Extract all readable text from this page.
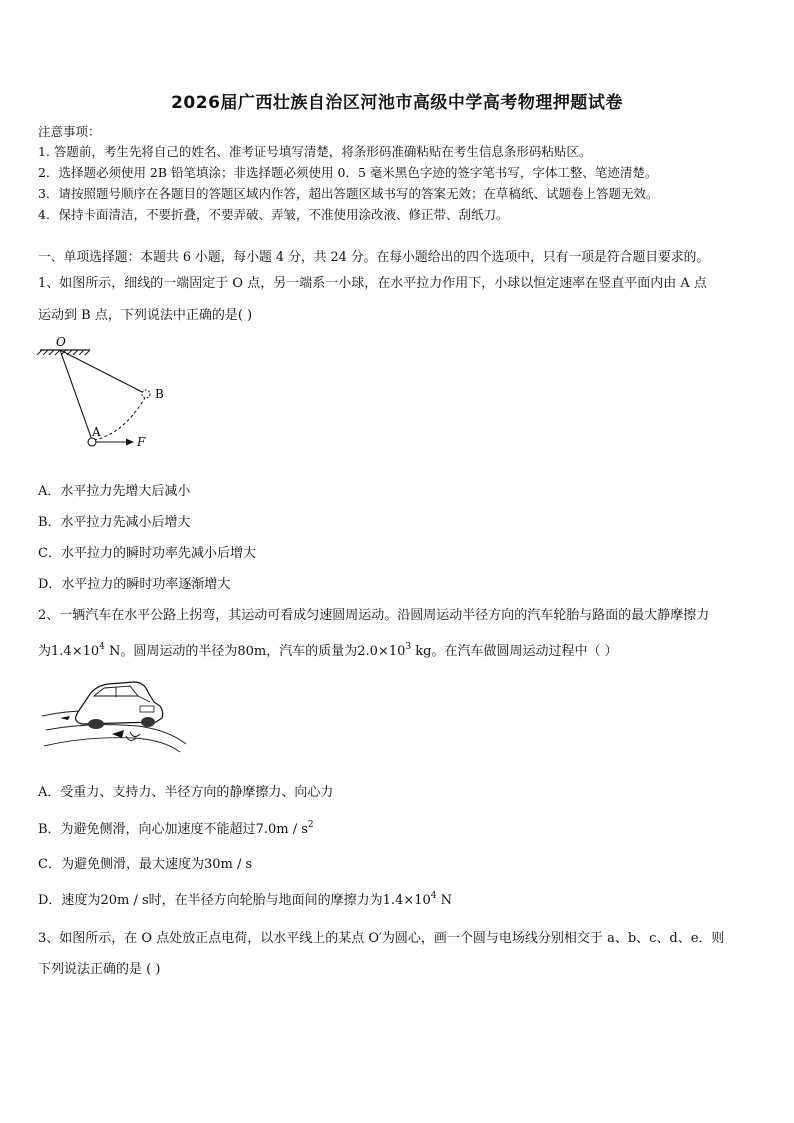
2026届广西壮族自治区河池市高级中学高考物理押题试卷
注意事项：
1. 答题前，考生先将自己的姓名、准考证号填写清楚，将条形码准确粘贴在考生信息条形码粘贴区。
2．选择题必须使用 2B 铅笔填涂；非选择题必须使用 0．5 毫米黑色字迹的签字笔书写，字体工整、笔迹清楚。
3．请按照题号顺序在各题目的答题区域内作答，超出答题区域书写的答案无效；在草稿纸、试题卷上答题无效。
4．保持卡面清洁，不要折叠，不要弄破、弄皱，不准使用涂改液、修正带、刮纸刀。
一、单项选择题：本题共 6 小题，每小题 4 分，共 24 分。在每小题给出的四个选项中，只有一项是符合题目要求的。
1、如图所示，细线的一端固定于 O 点，另一端系一小球，在水平拉力作用下，小球以恒定速率在竖直平面内由 A 点
运动到 B 点，下列说法中正确的是( )
O
B
A
F
A．水平拉力先增大后减小
B．水平拉力先减小后增大
C．水平拉力的瞬时功率先减小后增大
D．水平拉力的瞬时功率逐渐增大
2、一辆汽车在水平公路上拐弯，其运动可看成匀速圆周运动。沿圆周运动半径方向的汽车轮胎与路面的最大静摩擦力
为$1.4\times 10^4$ N。圆周运动的半径为80m，汽车的质量为$2.0\times 10^3$ kg。在汽车做圆周运动过程中（ ）
A．受重力、支持力、半径方向的静摩擦力、向心力
B．为避免侧滑，向心加速度不能超过$7.0m / s^2$
C．为避免侧滑，最大速度为30m / s
D．速度为20m / s时，在半径方向轮胎与地面间的摩擦力为$1.4\times 10^4$ N
3、如图所示，在 O 点处放正点电荷，以水平线上的某点 O′为圆心，画一个圆与电场线分别相交于 a、b、c、d、e．则
下列说法正确的是 ( )
